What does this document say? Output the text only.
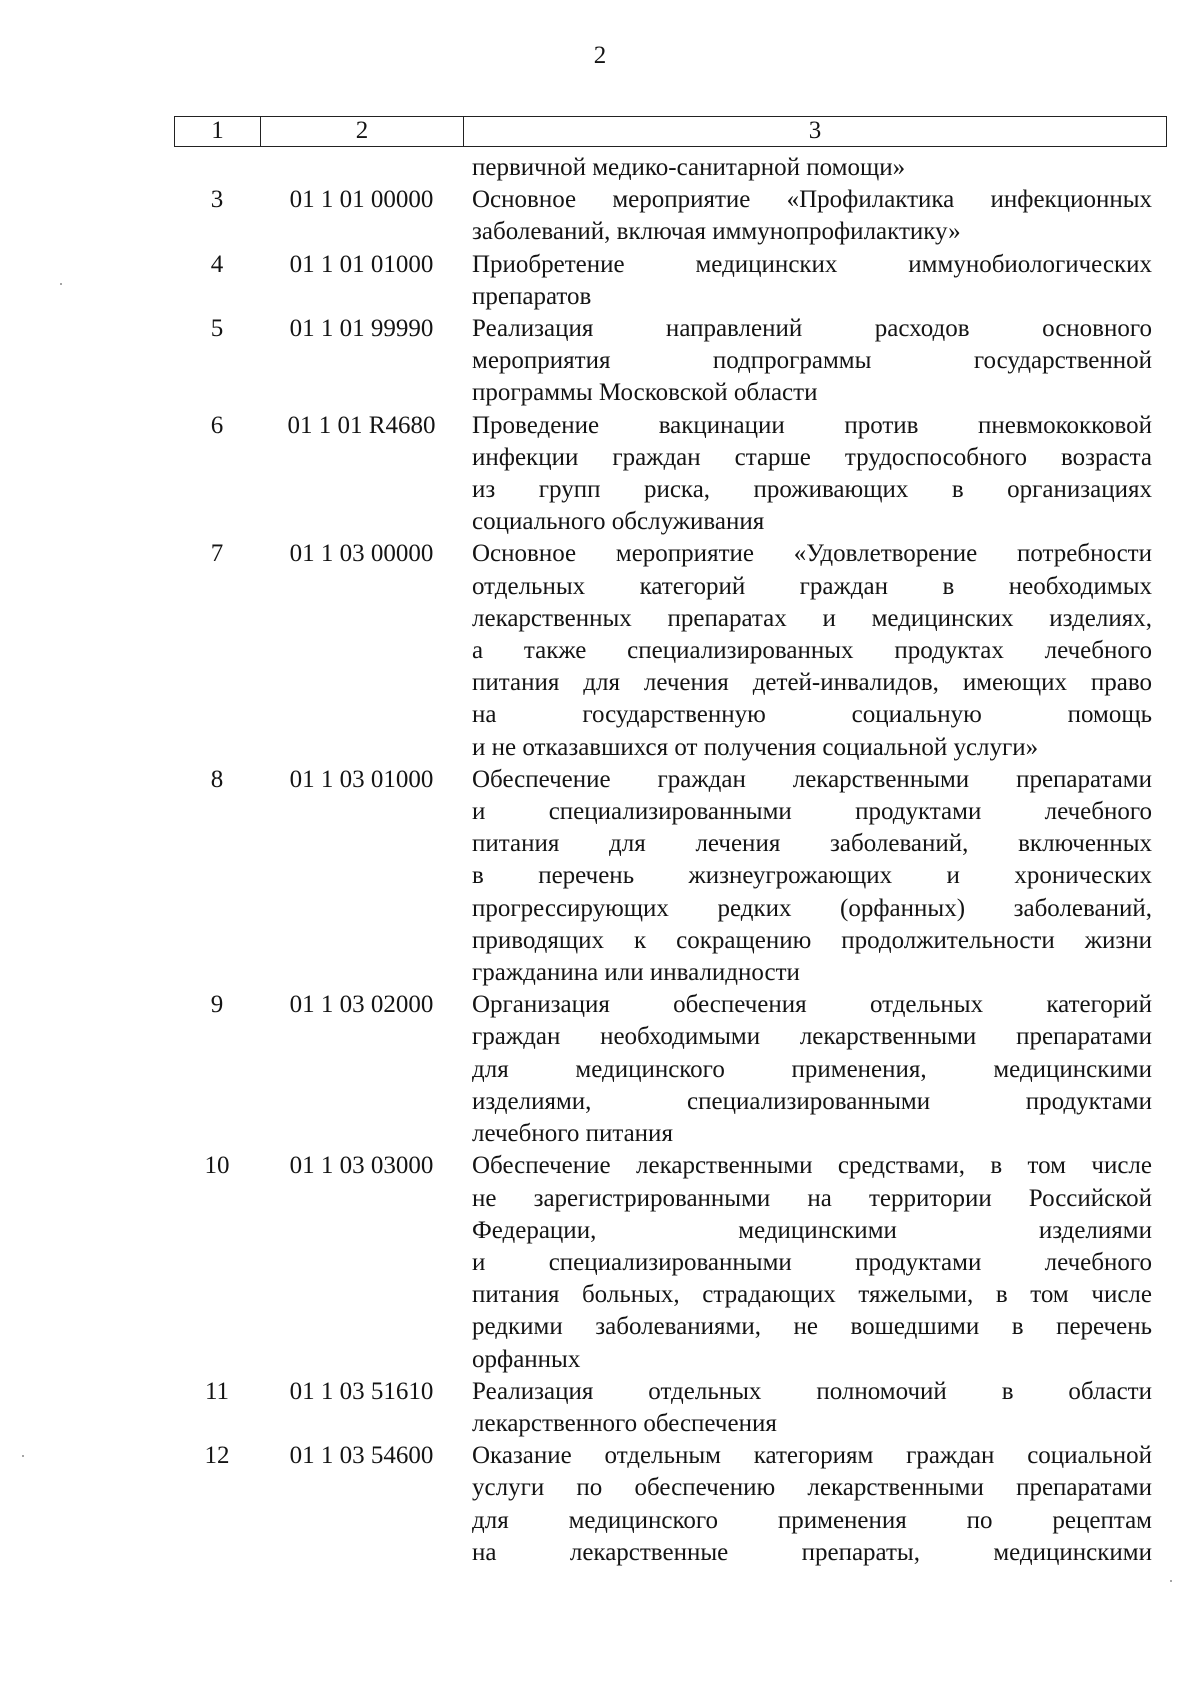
2
1	2	3
первичной медико-санитарной помощи»
3	01 1 01 00000	Основное мероприятие «Профилактика инфекционных
заболеваний, включая иммунопрофилактику»
4	01 1 01 01000	Приобретение медицинских иммунобиологических
препаратов
5	01 1 01 99990	Реализация направлений расходов основного
мероприятия подпрограммы государственной
программы Московской области
6	01 1 01 R4680	Проведение вакцинации против пневмококковой
инфекции граждан старше трудоспособного возраста
из групп риска, проживающих в организациях
социального обслуживания
7	01 1 03 00000	Основное мероприятие «Удовлетворение потребности
отдельных категорий граждан в необходимых
лекарственных препаратах и медицинских изделиях,
а также специализированных продуктах лечебного
питания для лечения детей-инвалидов, имеющих право
на государственную социальную помощь
и не отказавшихся от получения социальной услуги»
8	01 1 03 01000	Обеспечение граждан лекарственными препаратами
и специализированными продуктами лечебного
питания для лечения заболеваний, включенных
в перечень жизнеугрожающих и хронических
прогрессирующих редких (орфанных) заболеваний,
приводящих к сокращению продолжительности жизни
гражданина или инвалидности
9	01 1 03 02000	Организация обеспечения отдельных категорий
граждан необходимыми лекарственными препаратами
для медицинского применения, медицинскими
изделиями, специализированными продуктами
лечебного питания
10	01 1 03 03000	Обеспечение лекарственными средствами, в том числе
не зарегистрированными на территории Российской
Федерации, медицинскими изделиями
и специализированными продуктами лечебного
питания больных, страдающих тяжелыми, в том числе
редкими заболеваниями, не вошедшими в перечень
орфанных
11	01 1 03 51610	Реализация отдельных полномочий в области
лекарственного обеспечения
12	01 1 03 54600	Оказание отдельным категориям граждан социальной
услуги по обеспечению лекарственными препаратами
для медицинского применения по рецептам
на лекарственные препараты, медицинскими
